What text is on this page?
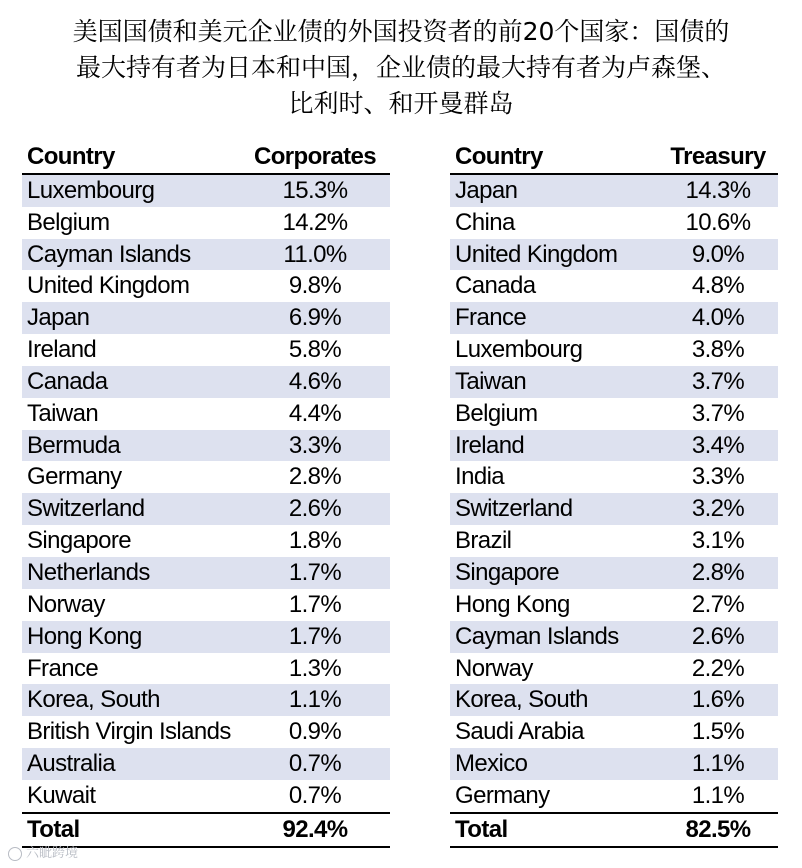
美国国债和美元企业债的外国投资者的前20个国家：国债的
最大持有者为日本和中国，企业债的最大持有者为卢森堡、
比利时、和开曼群岛
Country	Corporates
Luxembourg	15.3%
Belgium	14.2%
Cayman Islands	11.0%
United Kingdom	9.8%
Japan	6.9%
Ireland	5.8%
Canada	4.6%
Taiwan	4.4%
Bermuda	3.3%
Germany	2.8%
Switzerland	2.6%
Singapore	1.8%
Netherlands	1.7%
Norway	1.7%
Hong Kong	1.7%
France	1.3%
Korea, South	1.1%
British Virgin Islands	0.9%
Australia	0.7%
Kuwait	0.7%
Total	92.4%
Country	Treasury
Japan	14.3%
China	10.6%
United Kingdom	9.0%
Canada	4.8%
France	4.0%
Luxembourg	3.8%
Taiwan	3.7%
Belgium	3.7%
Ireland	3.4%
India	3.3%
Switzerland	3.2%
Brazil	3.1%
Singapore	2.8%
Hong Kong	2.7%
Cayman Islands	2.6%
Norway	2.2%
Korea, South	1.6%
Saudi Arabia	1.5%
Mexico	1.1%
Germany	1.1%
Total	82.5%
六眦跨境
